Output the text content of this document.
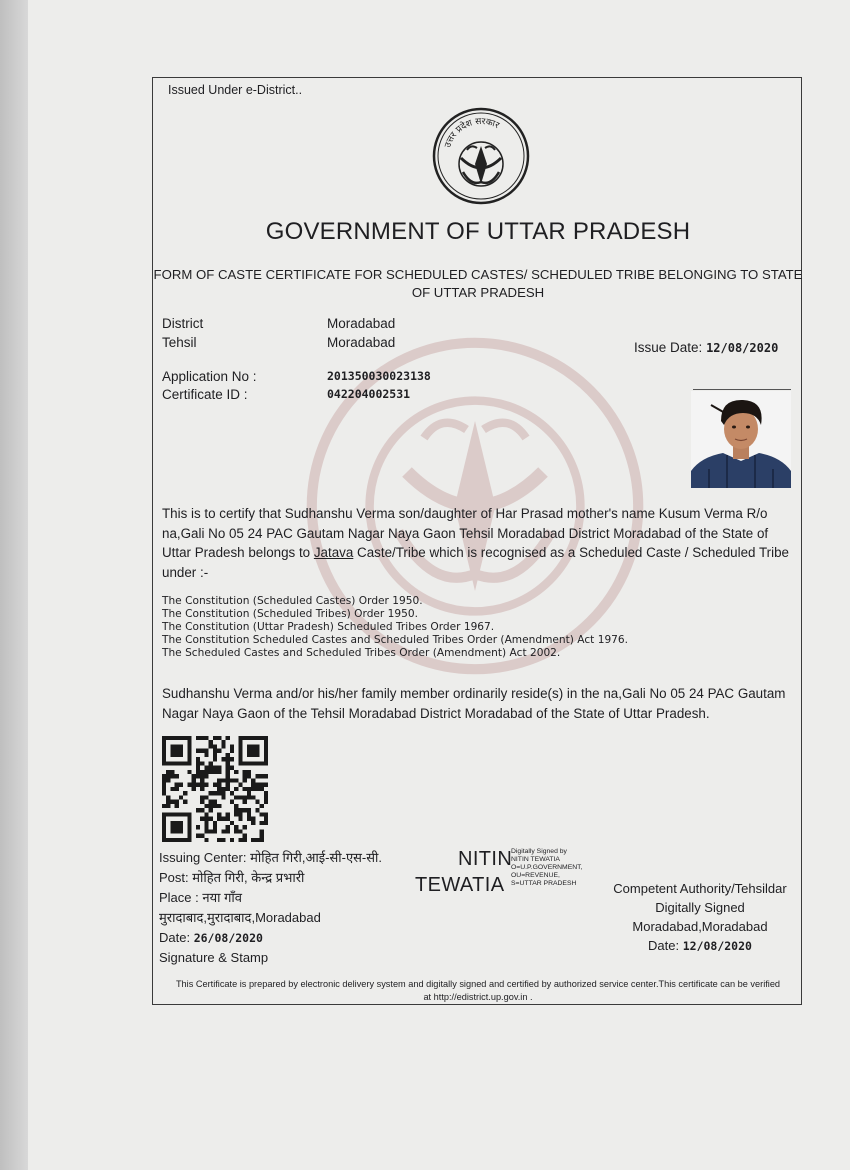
Issued Under e-District..
उत्तर प्रदेश सरकार
GOVERNMENT OF UTTAR PRADESH
FORM OF CASTE CERTIFICATE FOR SCHEDULED CASTES/ SCHEDULED TRIBE BELONGING TO STATE OF UTTAR PRADESH
District	Moradabad
Tehsil	Moradabad	Issue Date: 12/08/2020
Application No :	201350030023138
Certificate ID :	042204002531
This is to certify that Sudhanshu Verma son/daughter of Har Prasad mother's name Kusum Verma R/o na,Gali No 05 24 PAC Gautam Nagar Naya Gaon Tehsil Moradabad District Moradabad of the State of Uttar Pradesh belongs to Jatava Caste/Tribe which is recognised as a Scheduled Caste / Scheduled Tribe under :-
The Constitution (Scheduled Castes) Order 1950.
The Constitution (Scheduled Tribes) Order 1950.
The Constitution (Uttar Pradesh) Scheduled Tribes Order 1967.
The Constitution Scheduled Castes and Scheduled Tribes Order (Amendment) Act 1976.
The Scheduled Castes and Scheduled Tribes Order (Amendment) Act 2002.
Sudhanshu Verma and/or his/her family member ordinarily reside(s) in the na,Gali No 05 24 PAC Gautam Nagar Naya Gaon of the Tehsil Moradabad District Moradabad of the State of Uttar Pradesh.
Issuing Center: मोहित गिरी,आई-सी-एस-सी.
Post: मोहित गिरी, केन्द्र प्रभारी
Place : नया गाँव
मुरादाबाद,मुरादाबाद,Moradabad
Date: 26/08/2020
Signature & Stamp
NITIN
TEWATIA
Digitally Signed by
NITIN TEWATIA
O=U.P.GOVERNMENT,
OU=REVENUE,
S=UTTAR PRADESH	Competent Authority/Tehsildar
Digitally Signed
Moradabad,Moradabad
Date: 12/08/2020
This Certificate is prepared by electronic delivery system and digitally signed and certified by authorized service center.This certificate can be verified at http://edistrict.up.gov.in .
